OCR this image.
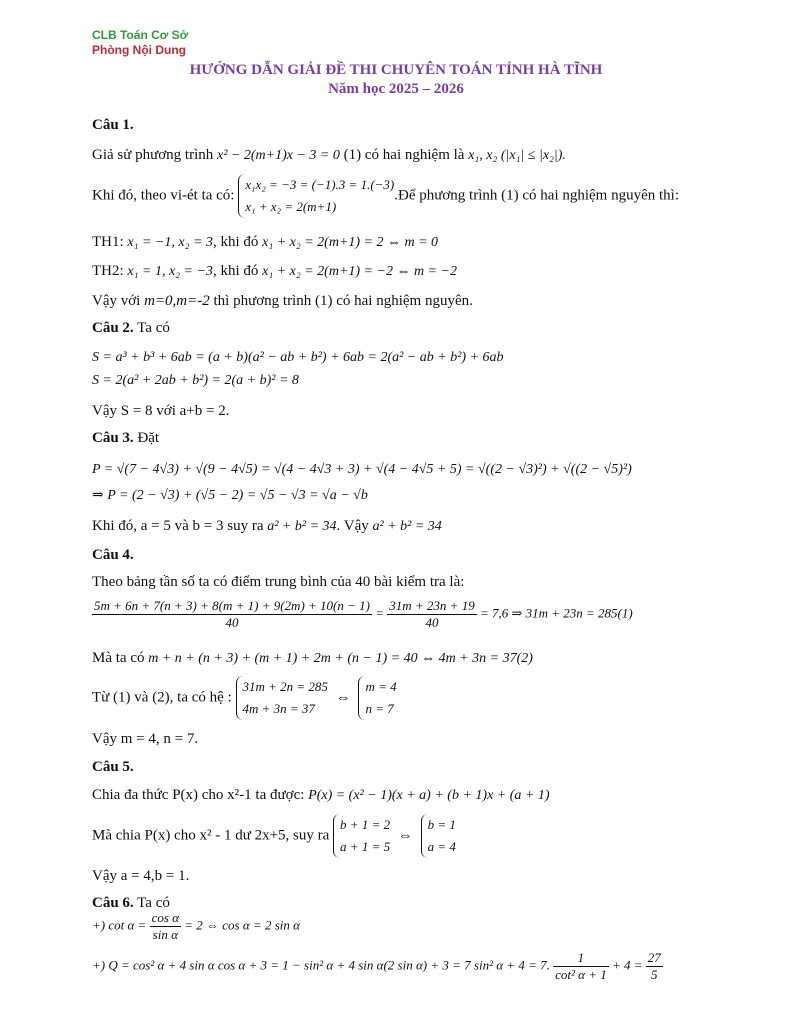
CLB Toán Cơ Sở
Phòng Nội Dung
HƯỚNG DẪN GIẢI ĐỀ THI CHUYÊN TOÁN TỈNH HÀ TĨNH
Năm học 2025 – 2026
Câu 1.
Giả sử phương trình x² − 2(m+1)x − 3 = 0 (1) có hai nghiệm là x₁, x₂ (|x₁| ≤ |x₂|).
Khi đó, theo vi-ét ta có: x₁x₂ = −3 = (−1).3 = 1.(−3)
x₁ + x₂ = 2(m+1).Để phương trình (1) có hai nghiệm nguyên thì:
TH1: x₁ = −1, x₂ = 3, khi đó x₁ + x₂ = 2(m+1) = 2 ⇔ m = 0
TH2: x₁ = 1, x₂ = −3, khi đó x₁ + x₂ = 2(m+1) = −2 ⇔ m = −2
Vậy với m=0,m=-2 thì phương trình (1) có hai nghiệm nguyên.
Câu 2. Ta có
S = a³ + b³ + 6ab = (a + b)(a² − ab + b²) + 6ab = 2(a² − ab + b²) + 6ab
S = 2(a² + 2ab + b²) = 2(a + b)² = 8
Vậy S = 8 với a+b = 2.
Câu 3. Đặt
P = √(7 − 4√3) + √(9 − 4√5) = √(4 − 4√3 + 3) + √(4 − 4√5 + 5) = √((2 − √3)²) + √((2 − √5)²)
⇒ P = (2 − √3) + (√5 − 2) = √5 − √3 = √a − √b
Khi đó, a = 5 và b = 3 suy ra a² + b² = 34. Vậy a² + b² = 34
Câu 4.
Theo bảng tần số ta có điểm trung bình của 40 bài kiểm tra là:
$\frac{5m + 6n + 7(n + 3) + 8(m + 1) + 9(2m) + 10(n - 1)}{40} = \frac{31m + 23n + 19}{40} = 7,6$ ⇒ 31m + 23n = 285(1)
Mà ta có m + n + (n + 3) + (m + 1) + 2m + (n − 1) = 40 ⇔ 4m + 3n = 37(2)
Từ (1) và (2), ta có hệ : 31m + 2n = 285
4m + 3n = 37 ⇔ m = 4
n = 7
Vậy m = 4, n = 7.
Câu 5.
Chia đa thức P(x) cho x²-1 ta được: P(x) = (x² − 1)(x + a) + (b + 1)x + (a + 1)
Mà chia P(x) cho x² - 1 dư 2x+5, suy ra b + 1 = 2
a + 1 = 5 ⇔ b = 1
a = 4
Vậy a = 4,b = 1.
Câu 6. Ta có
+) $\cot \alpha = \frac{\text{cos α}}{\text{sin α}} = 2$ ⇔ cos α = 2 sin α
+) Q = cos² α + 4 sin α cos α + 3 = 1 − sin² α + 4 sin α(2 sin α) + 3 = 7 sin² α + 4 = 7. $\frac{1}{\text{cot² α + 1}} + 4 = \frac{27}{5}$
